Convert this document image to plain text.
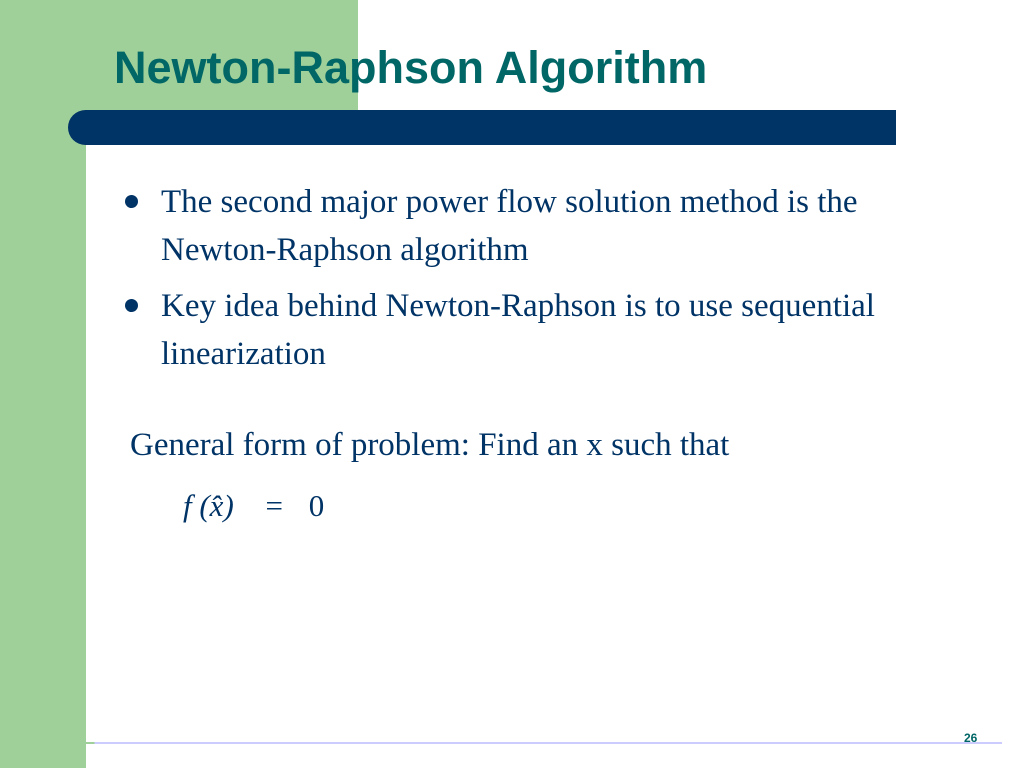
Newton-Raphson Algorithm
The second major power flow solution method is the Newton-Raphson algorithm
Key idea behind Newton-Raphson is to use sequential linearization

General form of problem: Find an x such that

f (x̂) = 0
26
